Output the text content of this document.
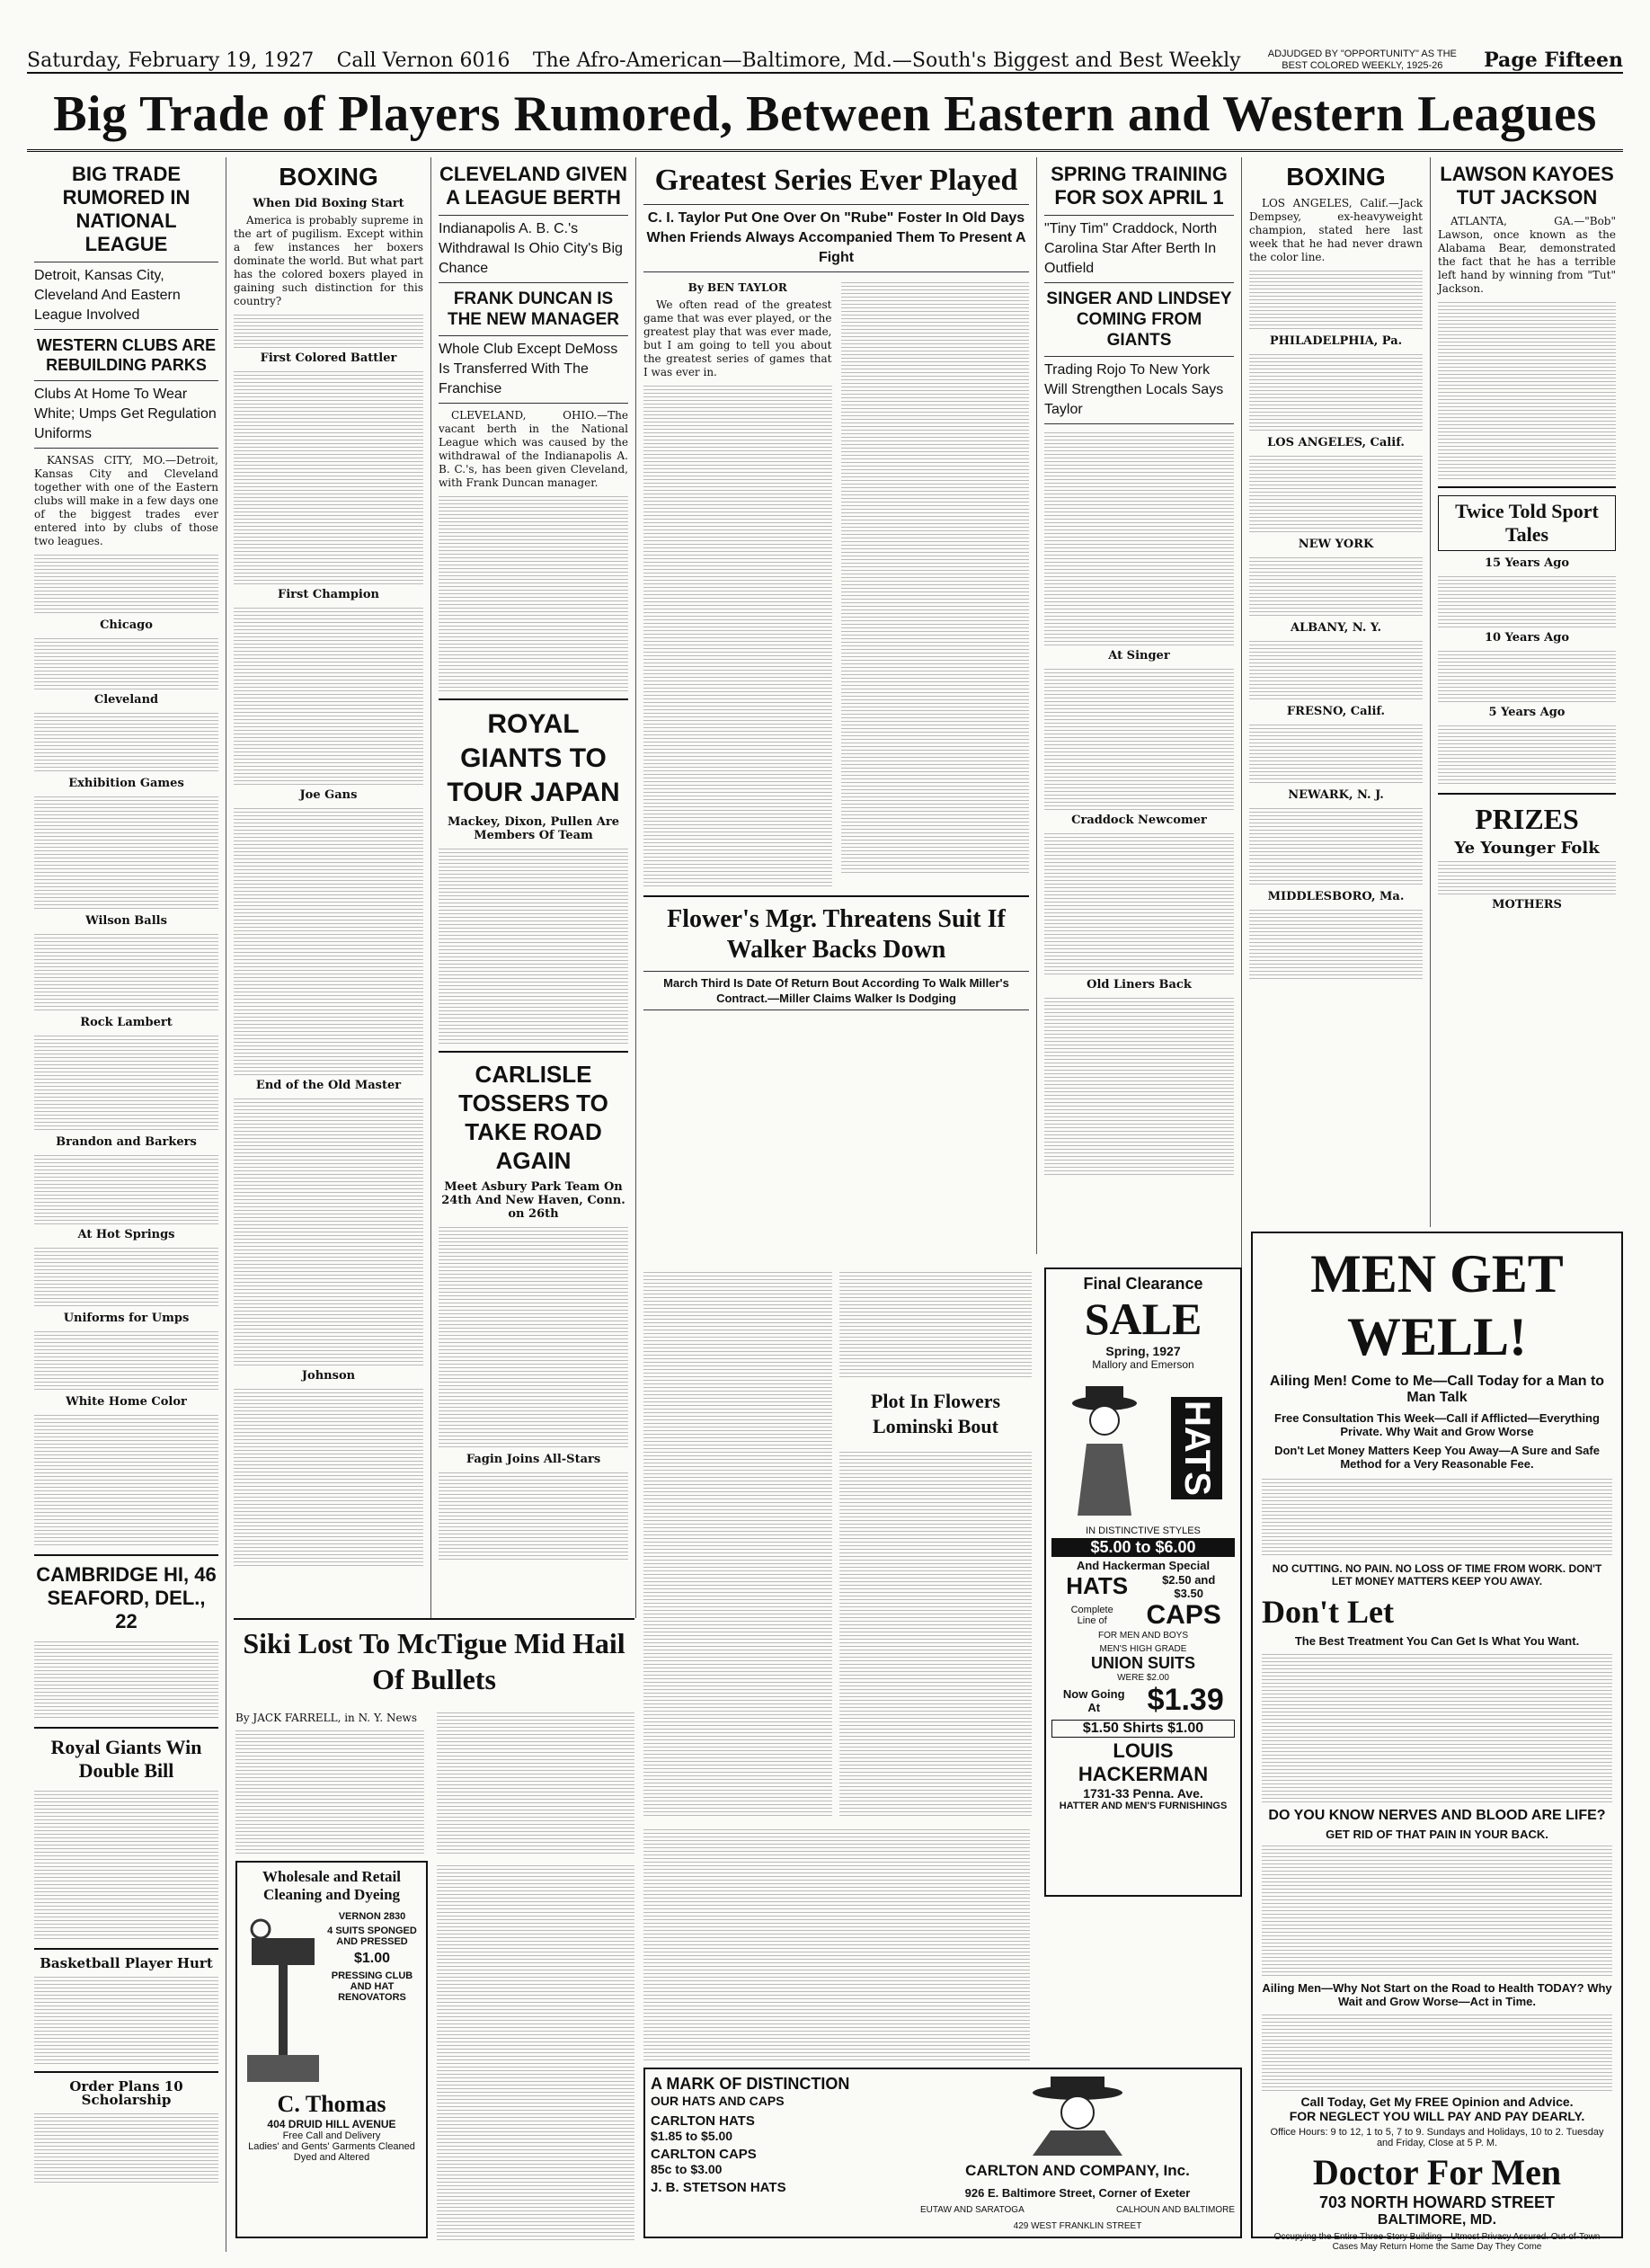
Saturday, February 19, 1927 Call Vernon 6016 The Afro-American—Baltimore, Md.—South's Biggest and Best Weekly	ADJUDGED BY "OPPORTUNITY" AS THE BEST COLORED WEEKLY, 1925-26	Page Fifteen
Big Trade of Players Rumored, Between Eastern and Western Leagues
BIG TRADE RUMORED IN NATIONAL LEAGUE
Detroit, Kansas City, Cleveland And Eastern League Involved
WESTERN CLUBS ARE REBUILDING PARKS
Clubs At Home To Wear White; Umps Get Regulation Uniforms

KANSAS CITY, MO.—Detroit, Kansas City and Cleveland together with one of the Eastern clubs will make in a few days one of the biggest trades ever entered into by clubs of those two leagues.

Chicago
Cleveland
Exhibition Games
Wilson Balls
Rock Lambert
Brandon and Barkers
At Hot Springs
Uniforms for Umps
White Home Color
CAMBRIDGE HI, 46 SEAFORD, DEL., 22
Royal Giants Win Double Bill
Basketball Player Hurt
Order Plans 10 Scholarship
BOXING
When Did Boxing Start

America is probably supreme in the art of pugilism. Except within a few instances her boxers dominate the world. But what part has the colored boxers played in gaining such distinction for this country?

First Colored Battler
First Champion
Joe Gans
End of the Old Master
Johnson
CLEVELAND GIVEN A LEAGUE BERTH
Indianapolis A. B. C.'s Withdrawal Is Ohio City's Big Chance
FRANK DUNCAN IS THE NEW MANAGER
Whole Club Except DeMoss Is Transferred With The Franchise

CLEVELAND, OHIO.—The vacant berth in the National League which was caused by the withdrawal of the Indianapolis A. B. C.'s, has been given Cleveland, with Frank Duncan manager.

ROYAL GIANTS TO TOUR JAPAN
Mackey, Dixon, Pullen Are Members Of Team
CARLISLE TOSSERS TO TAKE ROAD AGAIN
Meet Asbury Park Team On 24th And New Haven, Conn. on 26th
Fagin Joins All-Stars
Greatest Series Ever Played
C. I. Taylor Put One Over On "Rube" Foster In Old Days When Friends Always Accompanied Them To Present A Fight
By BEN TAYLOR

We often read of the greatest game that was ever played, or the greatest play that was ever made, but I am going to tell you about the greatest series of games that I was ever in.

Flower's Mgr. Threatens Suit If Walker Backs Down
March Third Is Date Of Return Bout According To Walk Miller's Contract.—Miller Claims Walker Is Dodging
SPRING TRAINING FOR SOX APRIL 1
"Tiny Tim" Craddock, North Carolina Star After Berth In Outfield
SINGER AND LINDSEY COMING FROM GIANTS
Trading Rojo To New York Will Strengthen Locals Says Taylor
At Singer
Craddock Newcomer
Old Liners Back
BOXING

LOS ANGELES, Calif.—Jack Dempsey, ex-heavyweight champion, stated here last week that he had never drawn the color line.

PHILADELPHIA, Pa.
LOS ANGELES, Calif.
NEW YORK
ALBANY, N. Y.
FRESNO, Calif.
NEWARK, N. J.
MIDDLESBORO, Ma.
LAWSON KAYOES TUT JACKSON

ATLANTA, GA.—"Bob" Lawson, once known as the Alabama Bear, demonstrated the fact that he has a terrible left hand by winning from "Tut" Jackson.

Twice Told Sport Tales
15 Years Ago
10 Years Ago
5 Years Ago
PRIZES
Ye Younger Folk
MOTHERS
MEN GET WELL!
Ailing Men! Come to Me—Call Today for a Man to Man Talk
Free Consultation This Week—Call if Afflicted—Everything Private. Why Wait and Grow Worse
Don't Let Money Matters Keep You Away—A Sure and Safe Method for a Very Reasonable Fee.
NO CUTTING. NO PAIN. NO LOSS OF TIME FROM WORK. DON'T LET MONEY MATTERS KEEP YOU AWAY.
Don't Let
The Best Treatment You Can Get Is What You Want.
DO YOU KNOW NERVES AND BLOOD ARE LIFE?
GET RID OF THAT PAIN IN YOUR BACK.
Ailing Men—Why Not Start on the Road to Health TODAY? Why Wait and Grow Worse—Act in Time.
Call Today, Get My FREE Opinion and Advice.
FOR NEGLECT YOU WILL PAY AND PAY DEARLY.
Office Hours: 9 to 12, 1 to 5, 7 to 9. Sundays and Holidays, 10 to 2. Tuesday and Friday, Close at 5 P. M.
Doctor For Men
703 NORTH HOWARD STREET
BALTIMORE, MD.
Occupying the Entire Three-Story Building—Utmost Privacy Assured. Out-of-Town Cases May Return Home the Same Day They Come
Plot In Flowers Lominski Bout
Final Clearance
SALE
Spring, 1927
Mallory and Emerson
HATS
IN DISTINCTIVE STYLES
$5.00 to $6.00
And Hackerman Special
HATS	$2.50 and $3.50
Complete Line of	CAPS
FOR MEN AND BOYS
MEN'S HIGH GRADE
UNION SUITS
WERE $2.00
Now Going At	$1.39
$1.50 Shirts $1.00
LOUIS
HACKERMAN
1731-33 Penna. Ave.
HATTER AND MEN'S FURNISHINGS
Siki Lost To McTigue Mid Hail Of Bullets
By JACK FARRELL, in N. Y. News
Wholesale and Retail Cleaning and Dyeing
VERNON 2830
4 SUITS SPONGED AND PRESSED
$1.00
PRESSING CLUB AND HAT RENOVATORS
C. Thomas
404 DRUID HILL AVENUE
Free Call and Delivery
Ladies' and Gents' Garments Cleaned Dyed and Altered
A MARK OF DISTINCTION
OUR HATS AND CAPS
CARLTON HATS
$1.85 to $5.00
CARLTON CAPS
85c to $3.00
J. B. STETSON HATS
CARLTON AND COMPANY, Inc.
926 E. Baltimore Street, Corner of Exeter
EUTAW AND SARATOGA	CALHOUN AND BALTIMORE
429 WEST FRANKLIN STREET
